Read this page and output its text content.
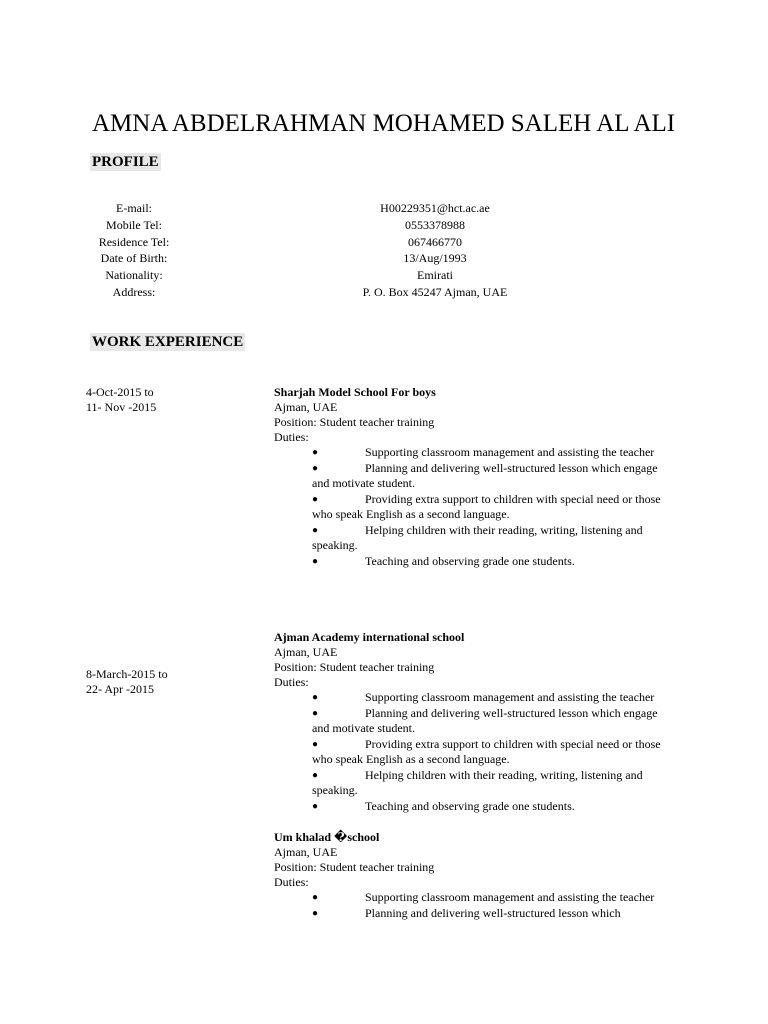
AMNA ABDELRAHMAN MOHAMED SALEH AL ALI
PROFILE
E-mail:	H00229351@hct.ac.ae
Mobile Tel:	0553378988
Residence Tel:	067466770
Date of Birth:	13/Aug/1993
Nationality:	Emirati
Address:	P. O. Box 45247 Ajman, UAE
WORK EXPERIENCE
4-Oct-2015 to
11- Nov -2015
Sharjah Model School For boys
Ajman, UAE
Position: Student teacher training
Duties:
●	Supporting classroom management and assisting the teacher
●	Planning and delivering well-structured lesson which engage and motivate student.
●	Providing extra support to children with special need or those who speak English as a second language.
●	Helping children with their reading, writing, listening and speaking.
●	Teaching and observing grade one students.
8-March-2015 to
22- Apr -2015
Ajman Academy international school
Ajman, UAE
Position: Student teacher training
Duties:
●	Supporting classroom management and assisting the teacher
●	Planning and delivering well-structured lesson which engage and motivate student.
●	Providing extra support to children with special need or those who speak English as a second language.
●	Helping children with their reading, writing, listening and speaking.
●	Teaching and observing grade one students.
Um khalad �school
Ajman, UAE
Position: Student teacher training
Duties:
●	Supporting classroom management and assisting the teacher
●	Planning and delivering well-structured lesson which
